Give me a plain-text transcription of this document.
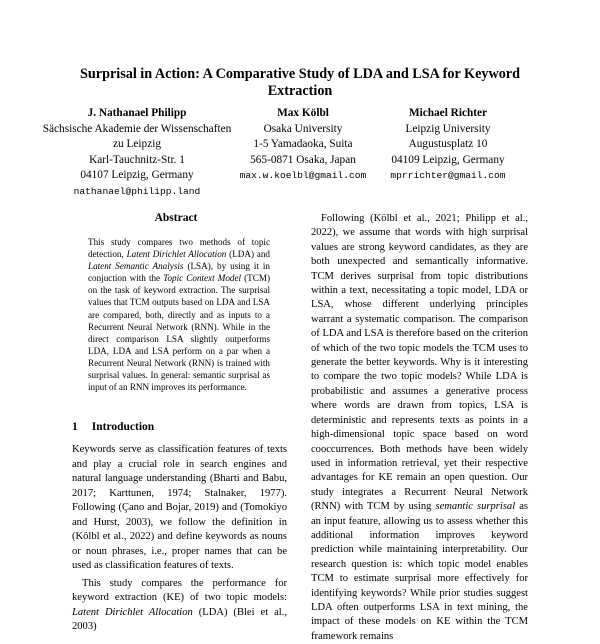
Surprisal in Action: A Comparative Study of LDA and LSA for Keyword Extraction
J. Nathanael Philipp
Sächsische Akademie der Wissenschaften
zu Leipzig
Karl-Tauchnitz-Str. 1
04107 Leipzig, Germany
nathanael@philipp.land
Max Kölbl
Osaka University
1-5 Yamadaoka, Suita
565-0871 Osaka, Japan
max.w.koelbl@gmail.com
Michael Richter
Leipzig University
Augustusplatz 10
04109 Leipzig, Germany
mprrichter@gmail.com
Abstract
This study compares two methods of topic detection, Latent Dirichlet Allocation (LDA) and Latent Semantic Analysis (LSA), by using it in conjuction with the Topic Context Model (TCM) on the task of keyword extraction. The surprisal values that TCM outputs based on LDA and LSA are compared, both, directly and as inputs to a Recurrent Neural Network (RNN). While in the direct comparison LSA slightly outperforms LDA, LDA and LSA perform on a par when a Recurrent Neural Network (RNN) is trained with surprisal values. In general: semantic surprisal as input of an RNN improves its performance.
1 Introduction

Keywords serve as classification features of texts and play a crucial role in search engines and natural language understanding (Bharti and Babu, 2017; Karttunen, 1974; Stalnaker, 1977). Following (Çano and Bojar, 2019) and (Tomokiyo and Hurst, 2003), we follow the definition in (Kölbl et al., 2022) and define keywords as nouns or noun phrases, i.e., proper names that can be used as classification features of texts.

This study compares the performance for keyword extraction (KE) of two topic models: Latent Dirichlet Allocation (LDA) (Blei et al., 2003)

Following (Kölbl et al., 2021; Philipp et al., 2022), we assume that words with high surprisal values are strong keyword candidates, as they are both unexpected and semantically informative. TCM derives surprisal from topic distributions within a text, necessitating a topic model, LDA or LSA, whose different underlying principles warrant a systematic comparison. The comparison of LDA and LSA is therefore based on the criterion of which of the two topic models the TCM uses to generate the better keywords. Why is it interesting to compare the two topic models? While LDA is probabilistic and assumes a generative process where words are drawn from topics, LSA is deterministic and represents texts as points in a high-dimensional topic space based on word cooccurrences. Both methods have been widely used in information retrieval, yet their respective advantages for KE remain an open question. Our study integrates a Recurrent Neural Network (RNN) with TCM by using semantic surprisal as an input feature, allowing us to assess whether this additional information improves keyword prediction while maintaining interpretability. Our research question is: which topic model enables TCM to estimate surprisal more effectively for identifying keywords? While prior studies suggest LDA often outperforms LSA in text mining, the impact of these models on KE within the TCM framework remains
